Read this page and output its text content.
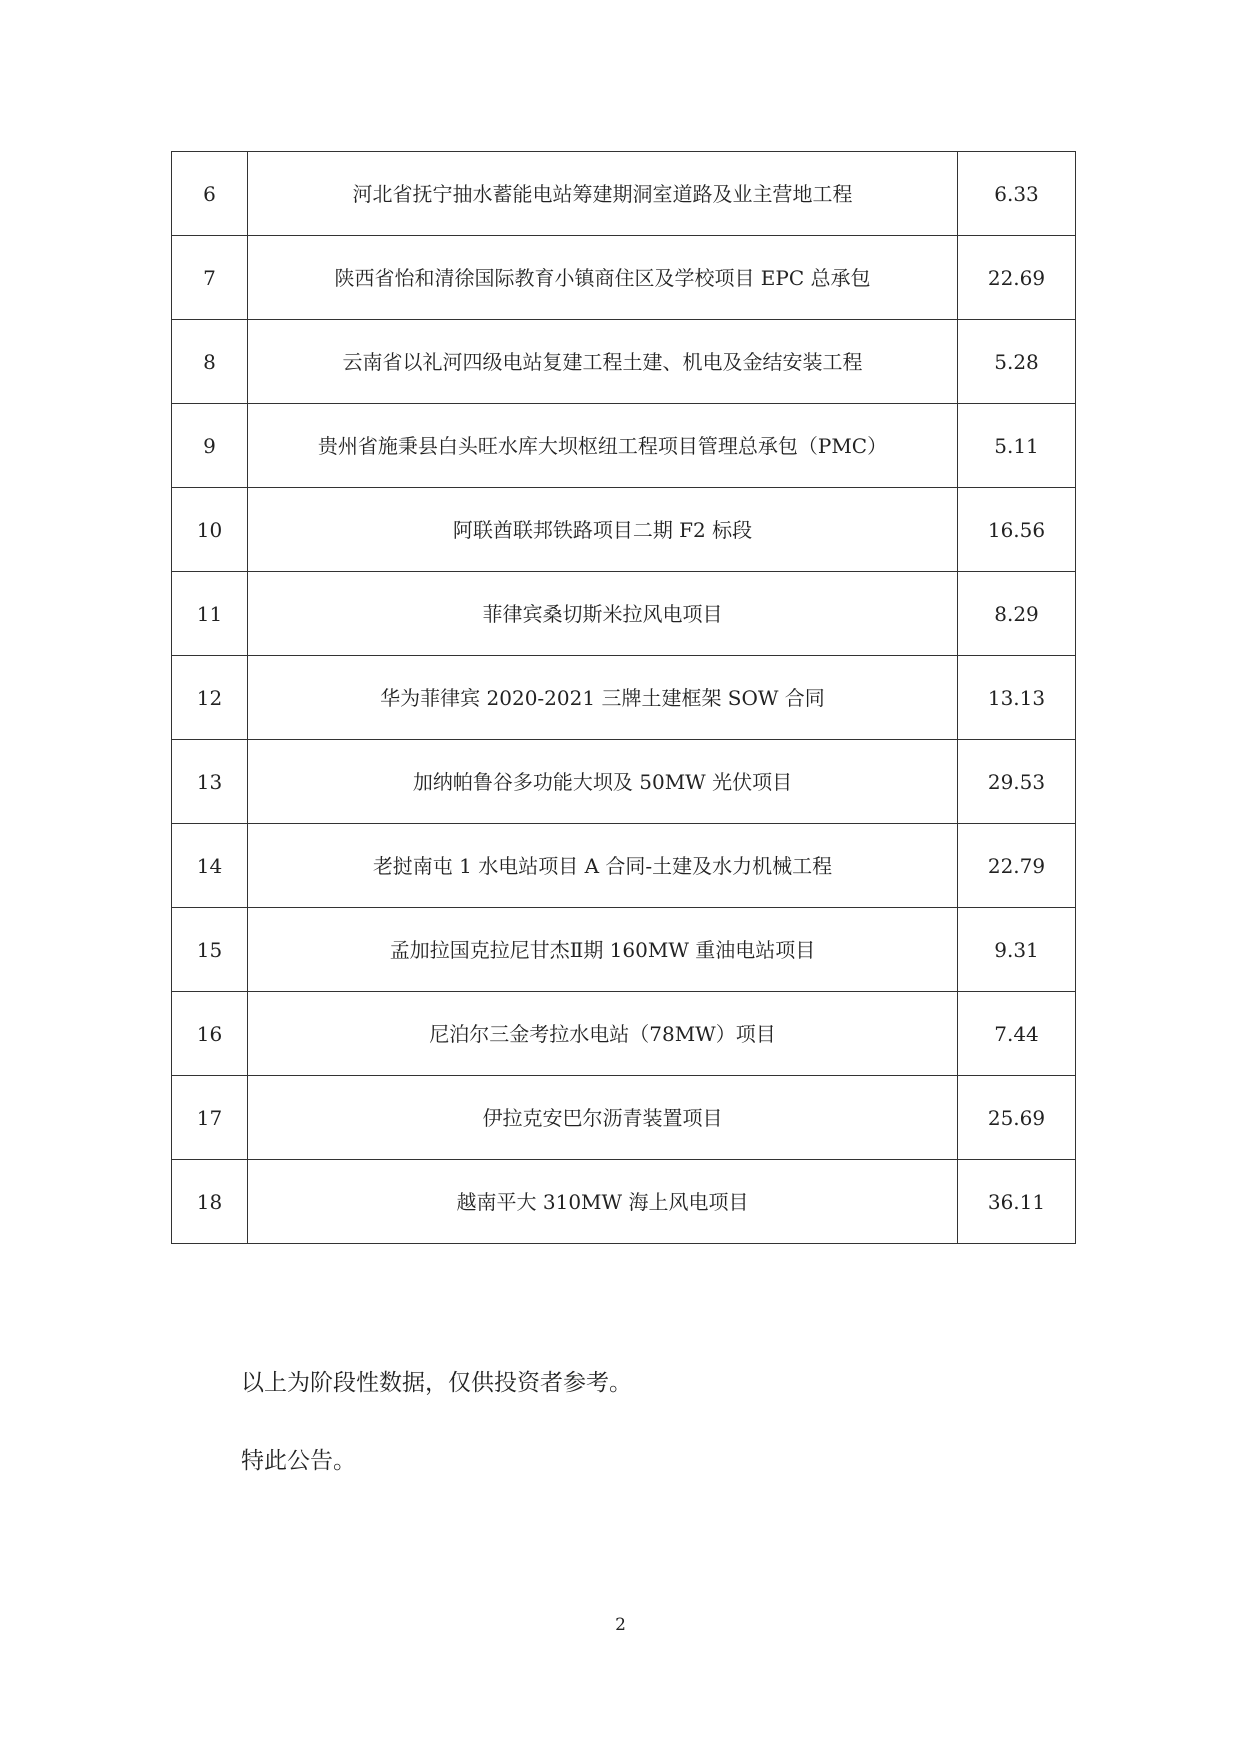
6	河北省抚宁抽水蓄能电站筹建期洞室道路及业主营地工程	6.33
7	陕西省怡和清徐国际教育小镇商住区及学校项目 EPC 总承包	22.69
8	云南省以礼河四级电站复建工程土建、机电及金结安装工程	5.28
9	贵州省施秉县白头旺水库大坝枢纽工程项目管理总承包（PMC）	5.11
10	阿联酋联邦铁路项目二期 F2 标段	16.56
11	菲律宾桑切斯米拉风电项目	8.29
12	华为菲律宾 2020-2021 三牌土建框架 SOW 合同	13.13
13	加纳帕鲁谷多功能大坝及 50MW 光伏项目	29.53
14	老挝南屯 1 水电站项目 A 合同-土建及水力机械工程	22.79
15	孟加拉国克拉尼甘杰Ⅱ期 160MW 重油电站项目	9.31
16	尼泊尔三金考拉水电站（78MW）项目	7.44
17	伊拉克安巴尔沥青装置项目	25.69
18	越南平大 310MW 海上风电项目	36.11
以上为阶段性数据，仅供投资者参考。
特此公告。
2
